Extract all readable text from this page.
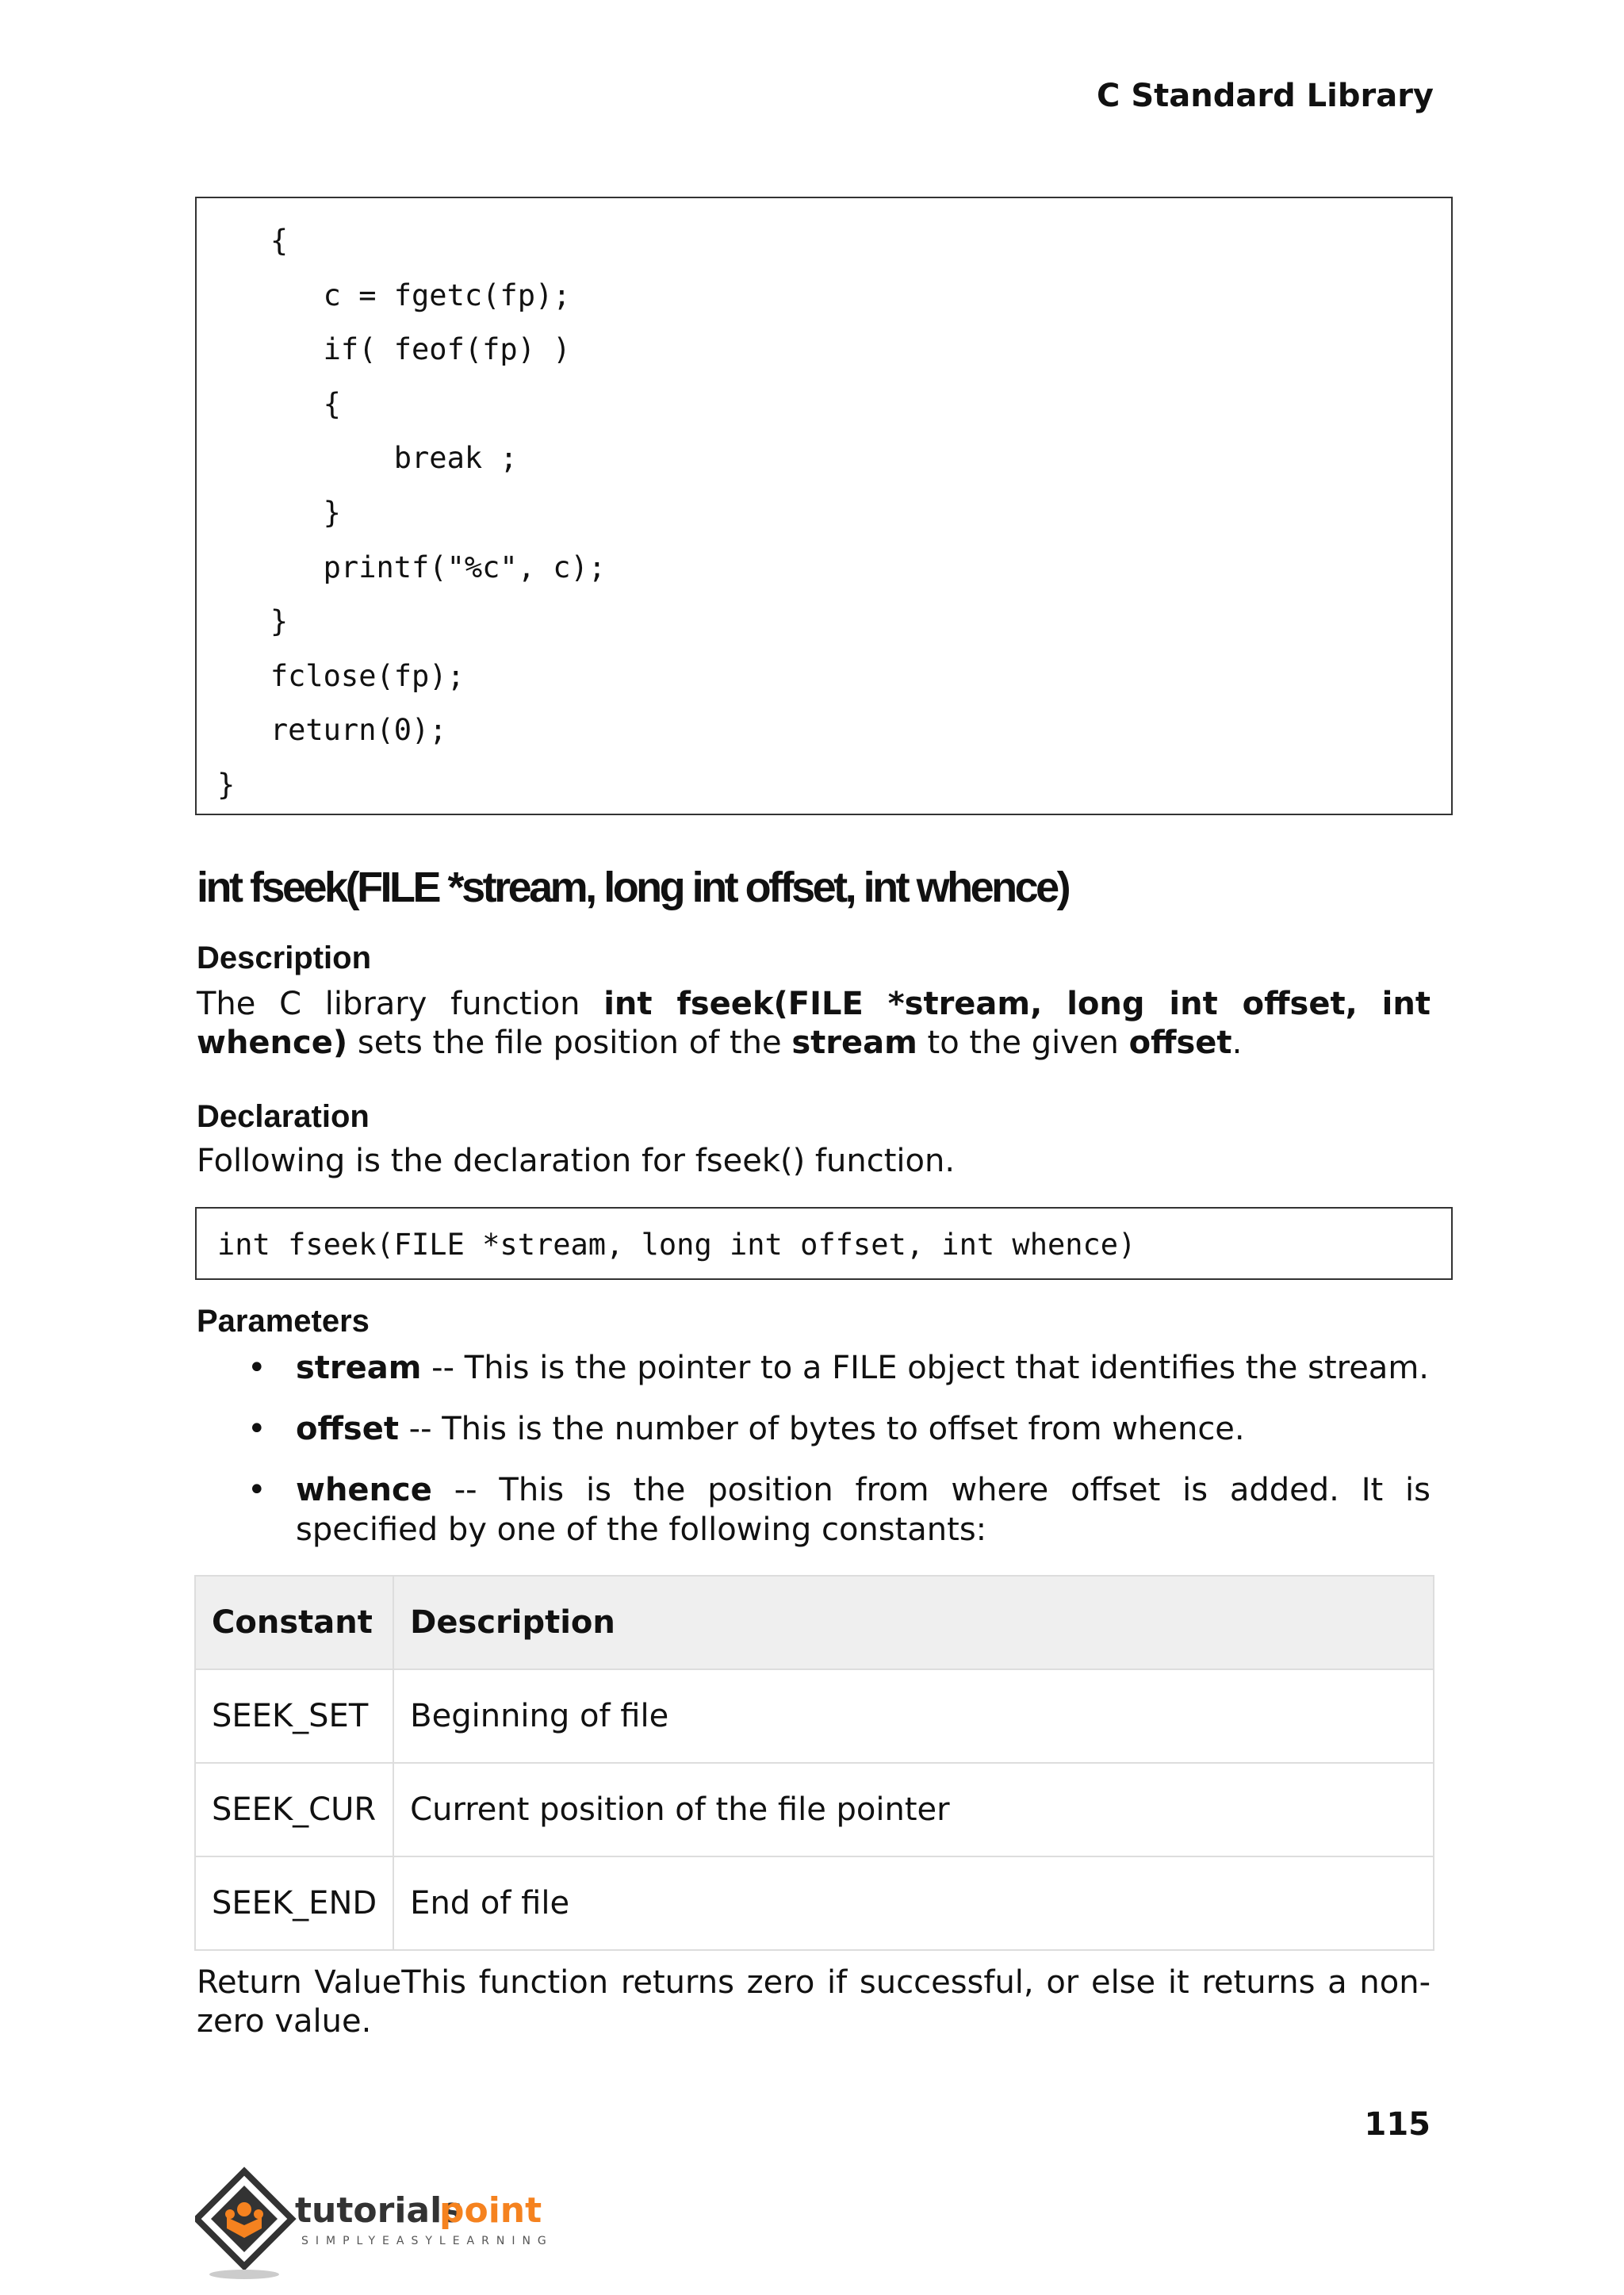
C Standard Library
{
c = fgetc(fp);
if( feof(fp) )
{
break ;
}
printf("%c", c);
}
fclose(fp);
return(0);
}
int fseek(FILE *stream, long int offset, int whence)
Description
The C library function int fseek(FILE *stream, long int offset, int whence) sets the file position of the stream to the given offset.
Declaration
Following is the declaration for fseek() function.
int fseek(FILE *stream, long int offset, int whence)
Parameters
• stream -- This is the pointer to a FILE object that identifies the stream.
• offset -- This is the number of bytes to offset from whence.
• whence -- This is the position from where offset is added. It is specified by one of the following constants:
Constant	Description
SEEK_SET	Beginning of file
SEEK_CUR	Current position of the file pointer
SEEK_END	End of file
Return ValueThis function returns zero if successful, or else it returns a non-zero value.
115
tutorials
point
SIMPLYEASYLEARNING
